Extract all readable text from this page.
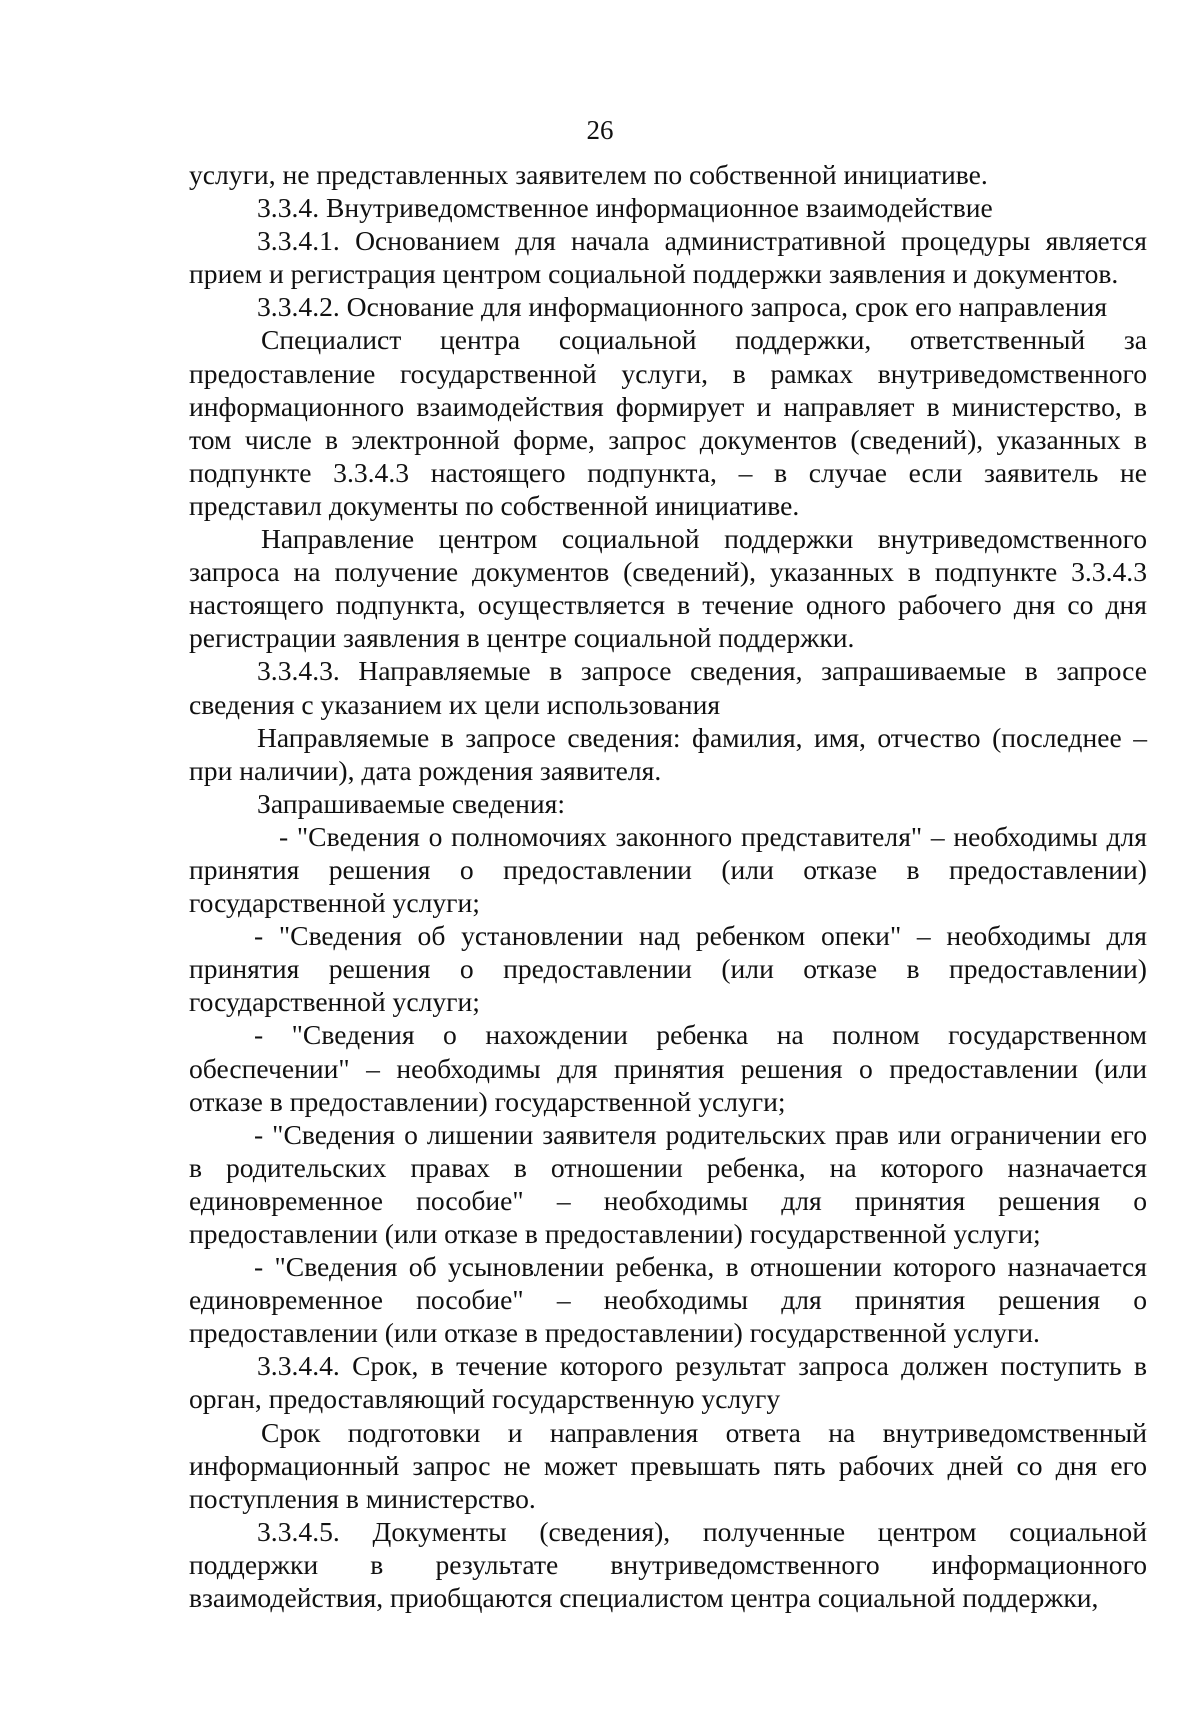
26

услуги, не представленных заявителем по собственной инициативе.

3.3.4. Внутриведомственное информационное взаимодействие

3.3.4.1. Основанием для начала административной процедуры является прием и регистрация центром социальной поддержки заявления и документов.

3.3.4.2. Основание для информационного запроса, срок его направления

Специалист центра социальной поддержки, ответственный за предоставление государственной услуги, в рамках внутриведомственного информационного взаимодействия формирует и направляет в министерство, в том числе в электронной форме, запрос документов (сведений), указанных в подпункте 3.3.4.3 настоящего подпункта, – в случае если заявитель не представил документы по собственной инициативе.

Направление центром социальной поддержки внутриведомственного запроса на получение документов (сведений), указанных в подпункте 3.3.4.3 настоящего подпункта, осуществляется в течение одного рабочего дня со дня регистрации заявления в центре социальной поддержки.

3.3.4.3. Направляемые в запросе сведения, запрашиваемые в запросе сведения с указанием их цели использования

Направляемые в запросе сведения: фамилия, имя, отчество (последнее – при наличии), дата рождения заявителя.

Запрашиваемые сведения:

- "Сведения о полномочиях законного представителя" – необходимы для принятия решения о предоставлении (или отказе в предоставлении) государственной услуги;

- "Сведения об установлении над ребенком опеки" – необходимы для принятия решения о предоставлении (или отказе в предоставлении) государственной услуги;

- "Сведения о нахождении ребенка на полном государственном обеспечении" – необходимы для принятия решения о предоставлении (или отказе в предоставлении) государственной услуги;

- "Сведения о лишении заявителя родительских прав или ограничении его в родительских правах в отношении ребенка, на которого назначается единовременное пособие" – необходимы для принятия решения о предоставлении (или отказе в предоставлении) государственной услуги;

- "Сведения об усыновлении ребенка, в отношении которого назначается единовременное пособие" – необходимы для принятия решения о предоставлении (или отказе в предоставлении) государственной услуги.

3.3.4.4. Срок, в течение которого результат запроса должен поступить в орган, предоставляющий государственную услугу

Срок подготовки и направления ответа на внутриведомственный информационный запрос не может превышать пять рабочих дней со дня его поступления в министерство.

3.3.4.5. Документы (сведения), полученные центром социальной поддержки в результате внутриведомственного информационного взаимодействия, приобщаются специалистом центра социальной поддержки,
